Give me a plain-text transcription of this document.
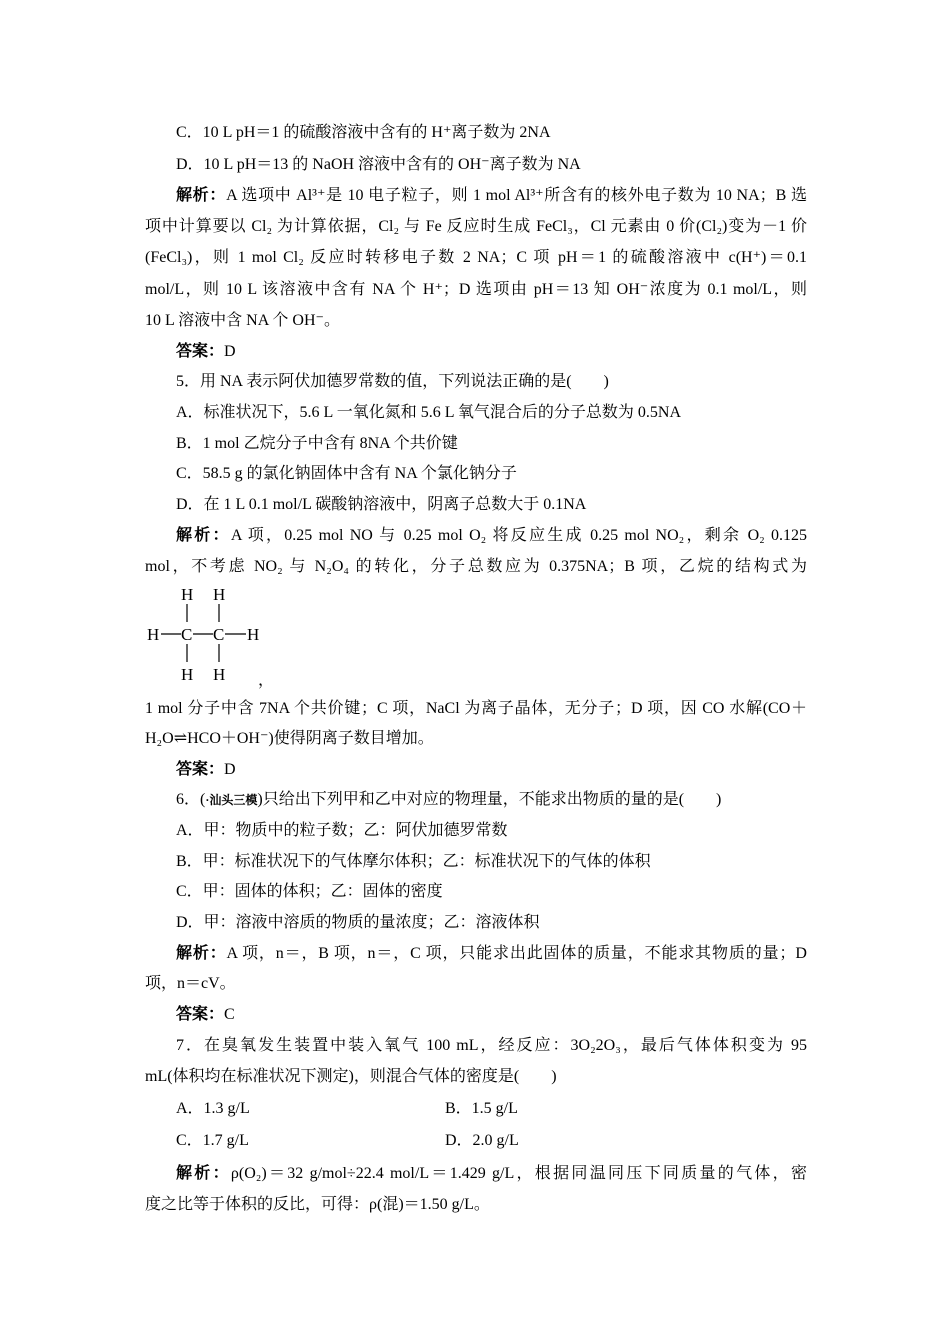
C．10 L pH＝1 的硫酸溶液中含有的 H⁺离子数为 2NA
D．10 L pH＝13 的 NaOH 溶液中含有的 OH⁻离子数为 NA
解析：A 选项中 Al³⁺是 10 电子粒子，则 1 mol Al³⁺所含有的核外电子数为 10 NA；B 选
项中计算要以 Cl₂ 为计算依据，Cl₂ 与 Fe 反应时生成 FeCl₃，Cl 元素由 0 价(Cl₂)变为－1 价
(FeCl₃)，则 1 mol Cl₂ 反应时转移电子数 2 NA；C 项 pH＝1 的硫酸溶液中 c(H⁺)＝0.1
mol/L，则 10 L 该溶液中含有 NA 个 H⁺；D 选项由 pH＝13 知 OH⁻浓度为 0.1 mol/L，则
10 L 溶液中含 NA 个 OH⁻。
答案：D
5．用 NA 表示阿伏加德罗常数的值，下列说法正确的是(　　)
A．标准状况下，5.6 L 一氧化氮和 5.6 L 氧气混合后的分子总数为 0.5NA
B．1 mol 乙烷分子中含有 8NA 个共价键
C．58.5 g 的氯化钠固体中含有 NA 个氯化钠分子
D．在 1 L 0.1 mol/L 碳酸钠溶液中，阴离子总数大于 0.1NA
解析：A 项，0.25 mol NO 与 0.25 mol O₂ 将反应生成 0.25 mol NO₂，剩余 O₂ 0.125
mol，不考虑 NO₂ 与 N₂O₄ 的转化，分子总数应为 0.375NA；B 项，乙烷的结构式为
H H
H C C H
H H ，
1 mol 分子中含 7NA 个共价键；C 项，NaCl 为离子晶体，无分子；D 项，因 CO 水解(CO＋
H₂O⇌HCO＋OH⁻)使得阴离子数目增加。
答案：D
6．(·汕头三模)只给出下列甲和乙中对应的物理量，不能求出物质的量的是(　　)
A．甲：物质中的粒子数；乙：阿伏加德罗常数
B．甲：标准状况下的气体摩尔体积；乙：标准状况下的气体的体积
C．甲：固体的体积；乙：固体的密度
D．甲：溶液中溶质的物质的量浓度；乙：溶液体积
解析：A 项，n＝，B 项，n＝，C 项，只能求出此固体的质量，不能求其物质的量；D
项，n＝cV。
答案：C
7．在臭氧发生装置中装入氧气 100 mL，经反应：3O₂2O₃，最后气体体积变为 95
mL(体积均在标准状况下测定)，则混合气体的密度是(　　)
A．1.3 g/L	B．1.5 g/L
C．1.7 g/L	D．2.0 g/L
解析：ρ(O₂)＝32 g/mol÷22.4 mol/L＝1.429 g/L，根据同温同压下同质量的气体，密
度之比等于体积的反比，可得：ρ(混)＝1.50 g/L。
